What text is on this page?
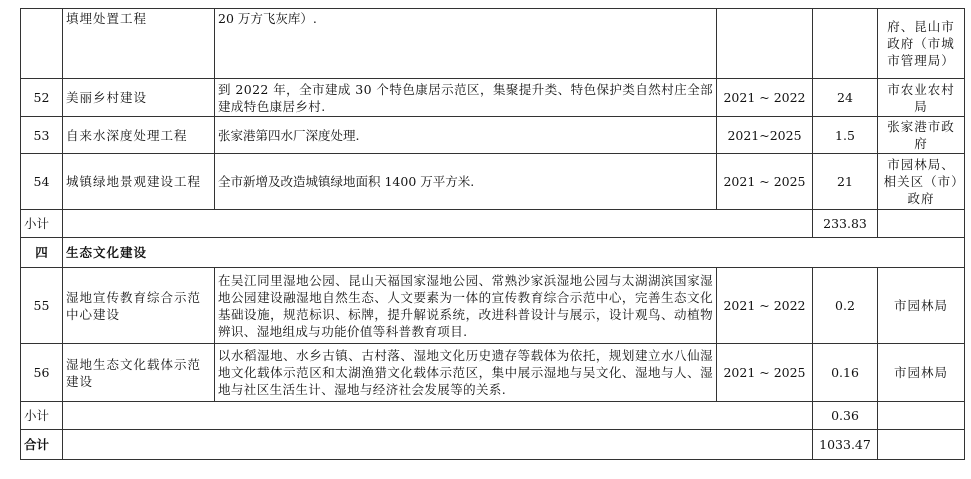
	填埋处置工程	20 万方飞灰库）.			府、昆山市政府（市城市管理局）
52	美丽乡村建设	到 2022 年，全市建成 30 个特色康居示范区，集聚提升类、特色保护类自然村庄全部建成特色康居乡村.	2021 ~ 2022	24	市农业农村局
53	自来水深度处理工程	张家港第四水厂深度处理.	2021~2025	1.5	张家港市政府
54	城镇绿地景观建设工程	全市新增及改造城镇绿地面积 1400 万平方米.	2021 ~ 2025	21	市园林局、相关区（市）政府
小计				233.83	
四	生态文化建设				
55	湿地宣传教育综合示范中心建设	在吴江同里湿地公园、昆山天福国家湿地公园、常熟沙家浜湿地公园与太湖湖滨国家湿地公园建设融湿地自然生态、人文要素为一体的宣传教育综合示范中心，完善生态文化基础设施，规范标识、标牌，提升解说系统，改进科普设计与展示，设计观鸟、动植物辨识、湿地组成与功能价值等科普教育项目.	2021 ~ 2022	0.2	市园林局
56	湿地生态文化载体示范建设	以水稻湿地、水乡古镇、古村落、湿地文化历史遗存等载体为依托，规划建立水八仙湿地文化载体示范区和太湖渔猎文化载体示范区，集中展示湿地与吴文化、湿地与人、湿地与社区生活生计、湿地与经济社会发展等的关系.	2021 ~ 2025	0.16	市园林局
小计				0.36	
合计				1033.47	
